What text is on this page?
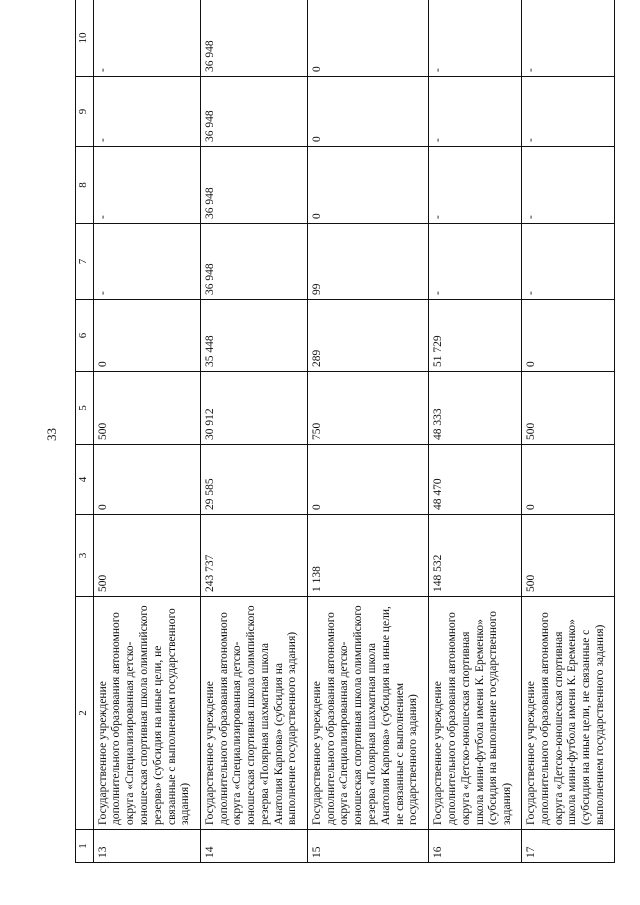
33
1	2	3	4	5	6	7	8	9	10
13	Государственное учреждение дополнительного образования автономного округа «Специализированная детско-юношеская спортивная школа олимпийского резерва» (субсидия на иные цели, не связанные с выполнением государственного задания)	500	0	500	0	-	-	-	-
14	Государственное учреждение дополнительного образования автономного округа «Специализированная детско-юношеская спортивная школа олимпийского резерва «Полярная шахматная школа Анатолия Карпова» (субсидия на выполнение государственного задания)	243 737	29 585	30 912	35 448	36 948	36 948	36 948	36 948
15	Государственное учреждение дополнительного образования автономного округа «Специализированная детско-юношеская спортивная школа олимпийского резерва «Полярная шахматная школа Анатолия Карпова» (субсидия на иные цели, не связанные с выполнением государственного задания)	1 138	0	750	289	99	0	0	0
16	Государственное учреждение дополнительного образования автономного округа «Детско-юношеская спортивная школа мини-футбола имени К. Еременко» (субсидия на выполнение государственного задания)	148 532	48 470	48 333	51 729	-	-	-	-
17	Государственное учреждение дополнительного образования автономного округа «Детско-юношеская спортивная школа мини-футбола имени К. Еременко» (субсидия на иные цели, не связанные с выполнением государственного задания)	500	0	500	0	-	-	-	-
